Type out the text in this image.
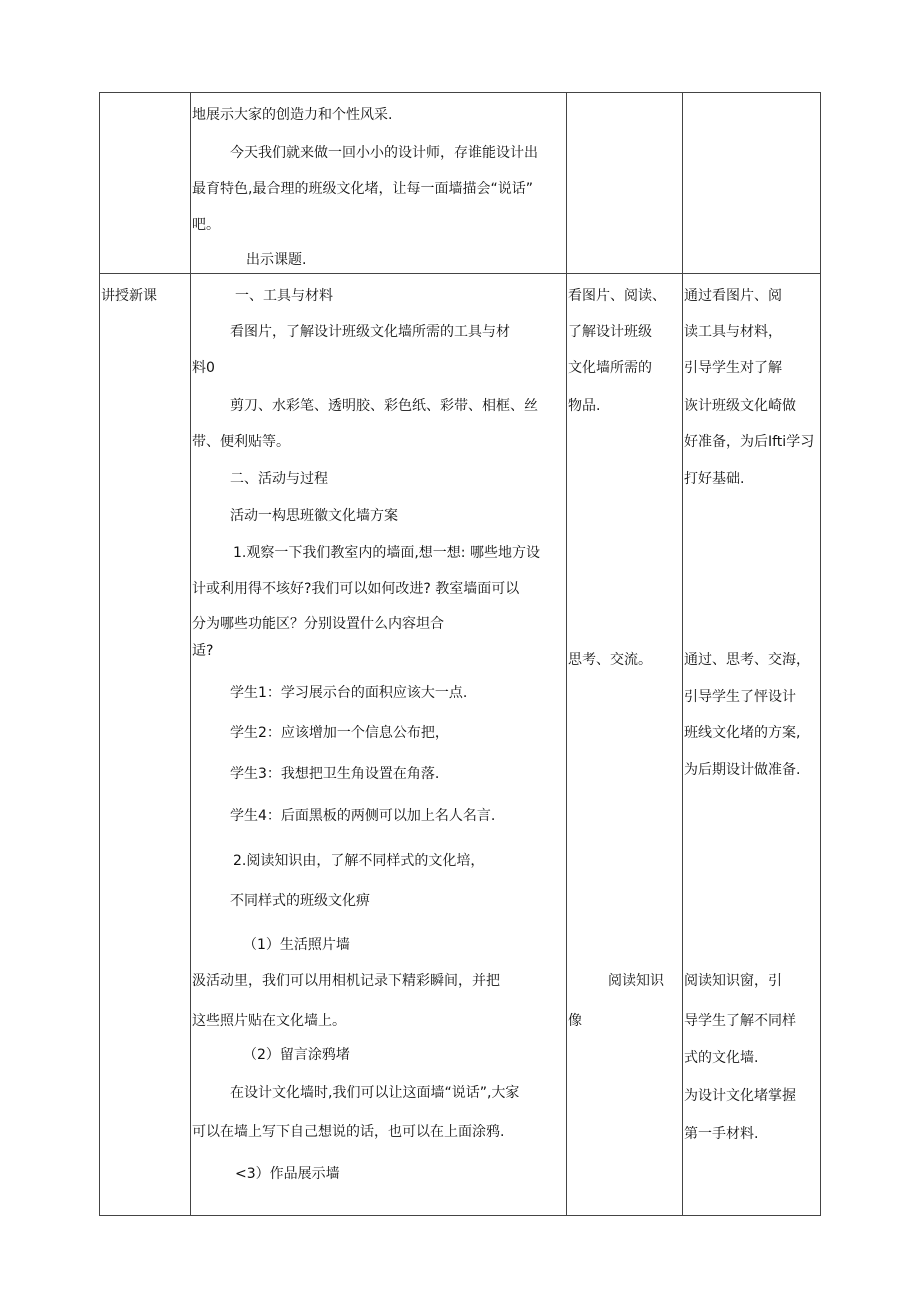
地展示大家的创造力和个性风采.
今天我们就来做一回小小的设计师，存谁能设计出
最育特色,最合理的班级文化堵，让每一面墙描会“说话”
吧。
出示课题.
讲授新课	一、工具与材料
看图片，了解设计班级文化墙所需的工具与材
料0
剪刀、水彩笔、透明胶、彩色纸、彩带、相框、丝
带、便利贴等。
二、活动与过程
活动一构思班徽文化墙方案
1.观察一下我们教室内的墙面,想一想: 哪些地方设
计或利用得不垓好?我们可以如何改进? 教室墙面可以
分为哪些功能区？分别设置什么内容坦合
适?
学生1：学习展示台的面积应该大一点.
学生2：应该增加一个信息公布把，
学生3：我想把卫生角设置在角落.
学生4：后面黑板的两侧可以加上名人名言.
2.阅读知识由，了解不同样式的文化培，
不同样式的班级文化痹
（1）生活照片墙
汲活动里，我们可以用相机记录下精彩瞬间，并把
这些照片贴在文化墙上。
（2）留言涂鸦堵
在设计文化墙时,我们可以让这面墙“说话”,大家
可以在墙上写下自己想说的话，也可以在上面涂鸦.
<3）作品展示墙
看图片、阅读、
了解设计班级
文化墙所需的
物品.
思考、交流。
阅读知识
像
通过看图片、阅
读工具与材料，
引导学生对了解
诙计班级文化崎做
好准备，为后Ifti学习
打好基础.
通过、思考、交海，
引导学生了怦设计
班线文化堵的方案,
为后期设计做准备.
阅读知识窗，引
导学生了解不同样
式的文化墙.
为设计文化堵掌握
第一手材料.
